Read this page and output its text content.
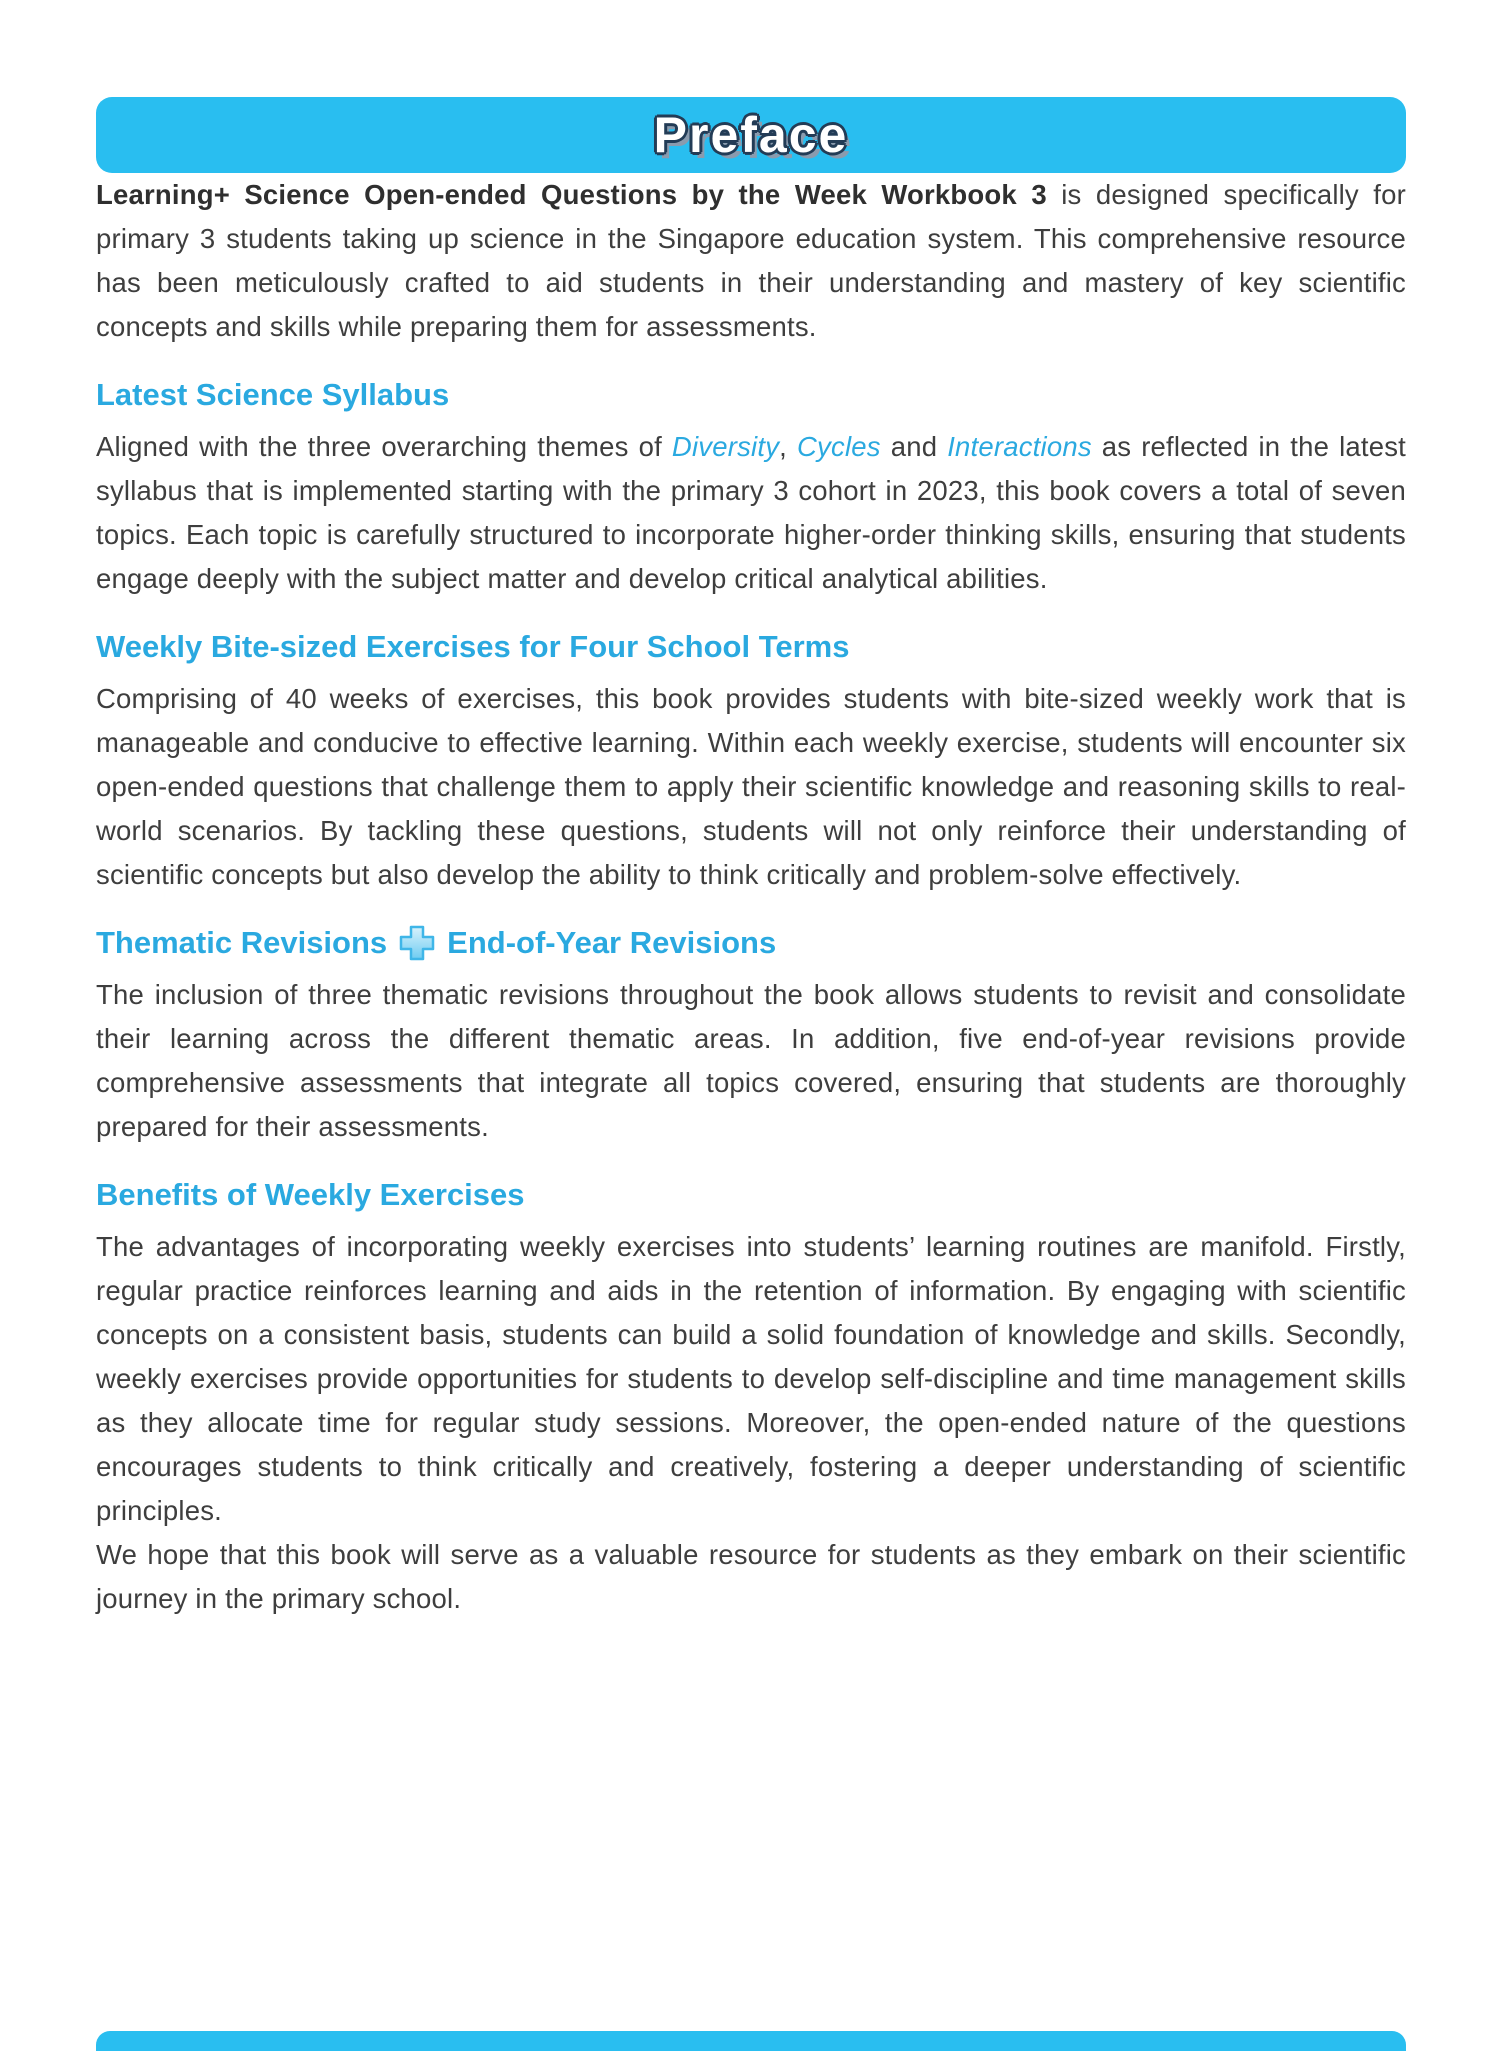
Preface

Learning+ Science Open-ended Questions by the Week Workbook 3 is designed specifically for primary 3 students taking up science in the Singapore education system. This comprehensive resource has been meticulously crafted to aid students in their understanding and mastery of key scientific concepts and skills while preparing them for assessments.

Latest Science Syllabus

Aligned with the three overarching themes of Diversity, Cycles and Interactions as reflected in the latest syllabus that is implemented starting with the primary 3 cohort in 2023, this book covers a total of seven topics. Each topic is carefully structured to incorporate higher-order thinking skills, ensuring that students engage deeply with the subject matter and develop critical analytical abilities.

Weekly Bite-sized Exercises for Four School Terms

Comprising of 40 weeks of exercises, this book provides students with bite-sized weekly work that is manageable and conducive to effective learning. Within each weekly exercise, students will encounter six open-ended questions that challenge them to apply their scientific knowledge and reasoning skills to real-world scenarios. By tackling these questions, students will not only reinforce their understanding of scientific concepts but also develop the ability to think critically and problem-solve effectively.

Thematic Revisions End-of-Year Revisions

The inclusion of three thematic revisions throughout the book allows students to revisit and consolidate their learning across the different thematic areas. In addition, five end-of-year revisions provide comprehensive assessments that integrate all topics covered, ensuring that students are thoroughly prepared for their assessments.

Benefits of Weekly Exercises

The advantages of incorporating weekly exercises into students’ learning routines are manifold. Firstly, regular practice reinforces learning and aids in the retention of information. By engaging with scientific concepts on a consistent basis, students can build a solid foundation of knowledge and skills. Secondly, weekly exercises provide opportunities for students to develop self-discipline and time management skills as they allocate time for regular study sessions. Moreover, the open-ended nature of the questions encourages students to think critically and creatively, fostering a deeper understanding of scientific principles.

We hope that this book will serve as a valuable resource for students as they embark on their scientific journey in the primary school.
